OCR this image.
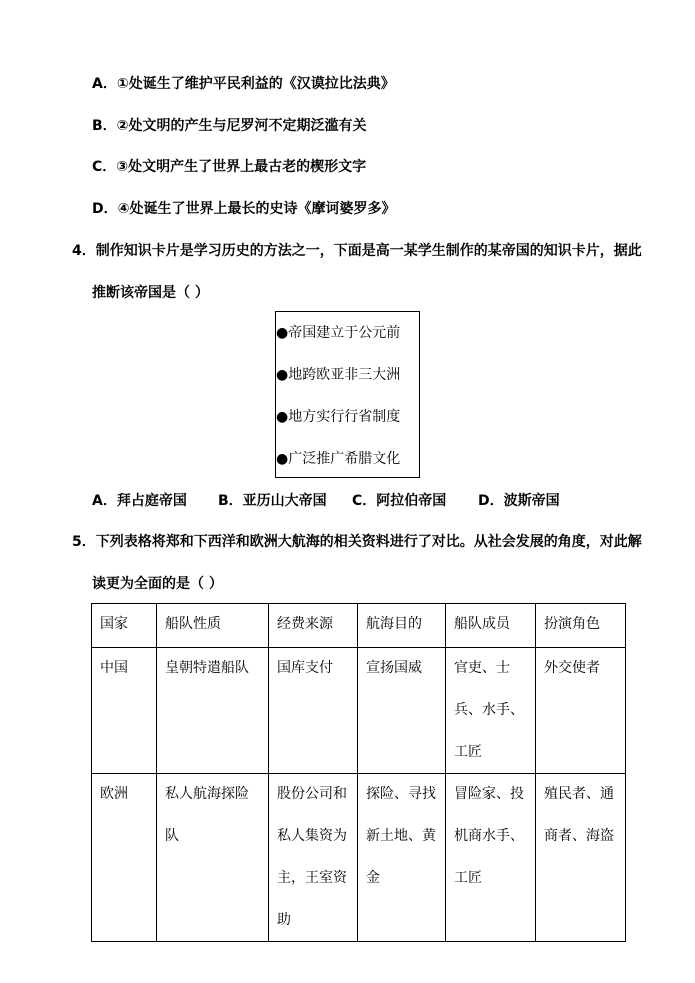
A．①处诞生了维护平民利益的《汉谟拉比法典》
B．②处文明的产生与尼罗河不定期泛滥有关
C．③处文明产生了世界上最古老的楔形文字
D．④处诞生了世界上最长的史诗《摩诃婆罗多》
4．制作知识卡片是学习历史的方法之一，下面是高一某学生制作的某帝国的知识卡片，据此
推断该帝国是（ ）
●帝国建立于公元前
●地跨欧亚非三大洲
●地方实行行省制度
●广泛推广希腊文化
A．拜占庭帝国 B．亚历山大帝国 C．阿拉伯帝国 D．波斯帝国
5．下列表格将郑和下西洋和欧洲大航海的相关资料进行了对比。从社会发展的角度，对此解
读更为全面的是（ ）
国家	船队性质	经费来源	航海目的	船队成员	扮演角色

中国	皇朝特遣船队	国库支付	宣扬国威	官吏、士兵、水手、工匠	外交使者

欧洲	私人航海探险队	股份公司和私人集资为主，王室资助	探险、寻找新土地、黄金	冒险家、投机商水手、工匠	殖民者、通商者、海盗
